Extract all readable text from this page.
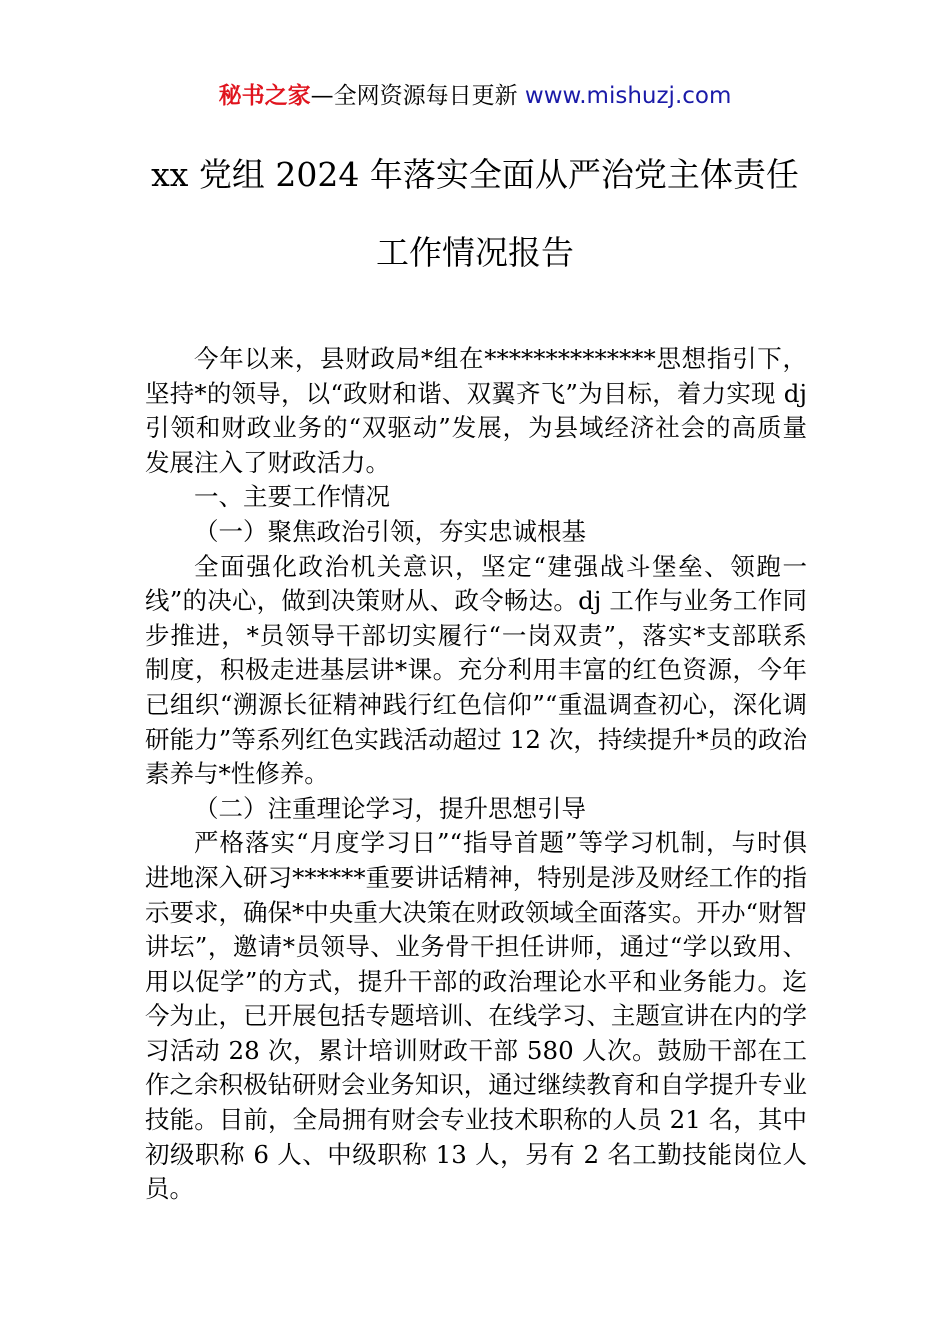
秘书之家—全网资源每日更新 www.mishuzj.com
xx 党组 2024 年落实全面从严治党主体责任
工作情况报告

今年以来，县财政局*组在**************思想指引下，坚持*的领导，以“政财和谐、双翼齐飞”为目标，着力实现 dj 引领和财政业务的“双驱动”发展，为县域经济社会的高质量发展注入了财政活力。

一、主要工作情况

（一）聚焦政治引领，夯实忠诚根基

全面强化政治机关意识，坚定“建强战斗堡垒、领跑一线”的决心，做到决策财从、政令畅达。dj 工作与业务工作同步推进，*员领导干部切实履行“一岗双责”，落实*支部联系制度，积极走进基层讲*课。充分利用丰富的红色资源，今年已组织“溯源长征精神践行红色信仰”“重温调查初心，深化调研能力”等系列红色实践活动超过 12 次，持续提升*员的政治素养与*性修养。

（二）注重理论学习，提升思想引导

严格落实“月度学习日”“指导首题”等学习机制，与时俱进地深入研习******重要讲话精神，特别是涉及财经工作的指示要求，确保*中央重大决策在财政领域全面落实。开办“财智讲坛”，邀请*员领导、业务骨干担任讲师，通过“学以致用、用以促学”的方式，提升干部的政治理论水平和业务能力。迄今为止，已开展包括专题培训、在线学习、主题宣讲在内的学习活动 28 次，累计培训财政干部 580 人次。鼓励干部在工作之余积极钻研财会业务知识，通过继续教育和自学提升专业技能。目前，全局拥有财会专业技术职称的人员 21 名，其中初级职称 6 人、中级职称 13 人，另有 2 名工勤技能岗位人员。
